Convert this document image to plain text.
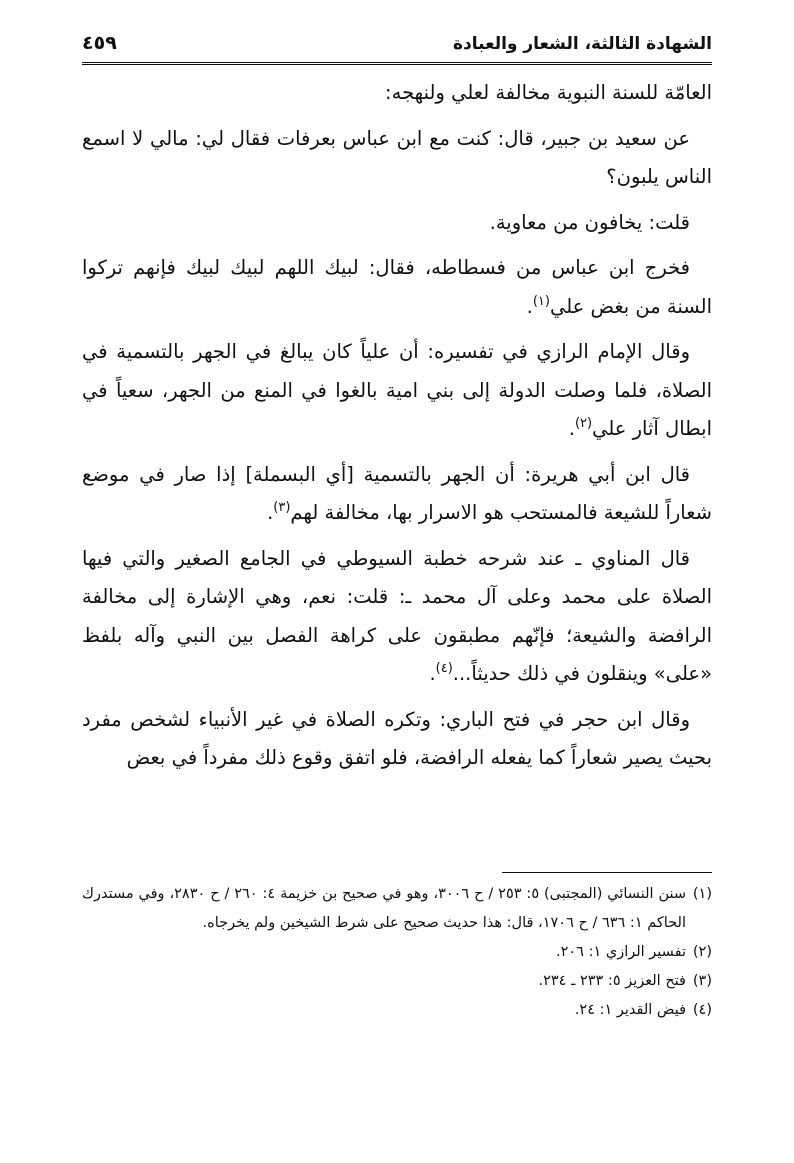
الشهادة الثالثة، الشعار والعبادة
٤٥٩

العامّة للسنة النبوية مخالفة لعلي ولنهجه:

عن سعيد بن جبير، قال: كنت مع ابن عباس بعرفات فقال لي: مالي لا اسمع الناس يلبون؟

قلت: يخافون من معاوية.

فخرج ابن عباس من فسطاطه، فقال: لبيك اللهم لبيك لبيك فإنهم تركوا السنة من بغض علي$^{(١)}$.

وقال الإمام الرازي في تفسيره: أن علياً كان يبالغ في الجهر بالتسمية في الصلاة، فلما وصلت الدولة إلى بني امية بالغوا في المنع من الجهر، سعياً في ابطال آثار علي$^{(٢)}$.

قال ابن أبي هريرة: أن الجهر بالتسمية [أي البسملة] إذا صار في موضع شعاراً للشيعة فالمستحب هو الاسرار بها، مخالفة لهم$^{(٣)}$.

قال المناوي ـ عند شرحه خطبة السيوطي في الجامع الصغير والتي فيها الصلاة على محمد وعلى آل محمد ـ: قلت: نعم، وهي الإشارة إلى مخالفة الرافضة والشيعة؛ فإنّهم مطبقون على كراهة الفصل بين النبي وآله بلفظ «على» وينقلون في ذلك حديثاً...$^{(٤)}$.

وقال ابن حجر في فتح الباري: وتكره الصلاة في غير الأنبياء لشخص مفرد بحيث يصير شعاراً كما يفعله الرافضة، فلو اتفق وقوع ذلك مفرداً في بعض

(١)سنن النسائي (المجتبى) ٥: ٢٥٣ / ح ٣٠٠٦، وهو في صحيح بن خزيمة ٤: ٢٦٠ / ح ٢٨٣٠، وفي مستدرك الحاكم ١: ٦٣٦ / ح ١٧٠٦، قال: هذا حديث صحيح على شرط الشيخين ولم يخرجاه.

(٢)تفسير الرازي ١: ٢٠٦.

(٣)فتح العزيز ٥: ٢٣٣ ـ ٢٣٤.

(٤)فيض القدير ١: ٢٤.
